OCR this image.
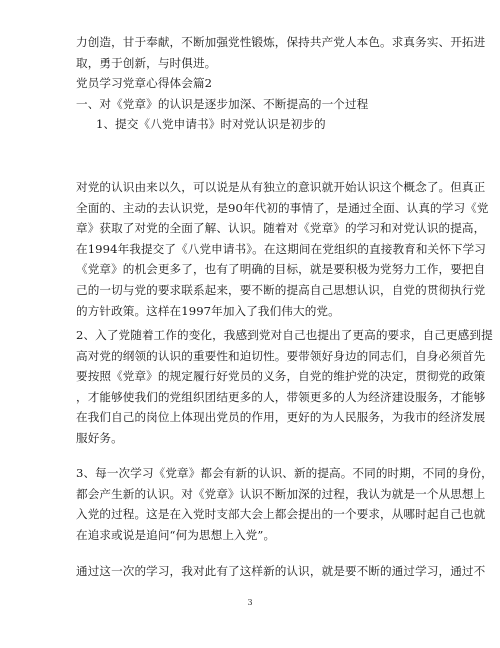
力创造，甘于奉献，不断加强党性锻炼，保持共产党人本色。求真务实、开拓进
取，勇于创新，与时俱进。
党员学习党章心得体会篇2
一、对《党章》的认识是逐步加深、不断提高的一个过程
1、提交《八党申请书》时对党认识是初步的
对党的认识由来以久，可以说是从有独立的意识就开始认识这个概念了。但真正
全面的、主动的去认识党，是90年代初的事情了，是通过全面、认真的学习《党
章》获取了对党的全面了解、认识。随着对《党章》的学习和对党认识的提高，
在1994年我提交了《八党申请书》。在这期间在党组织的直接教育和关怀下学习
《党章》的机会更多了，也有了明确的目标，就是要积极为党努力工作，要把自
己的一切与党的要求联系起来，要不断的提高自己思想认识，自党的贯彻执行党
的方针政策。这样在1997年加入了我们伟大的党。
2、入了党随着工作的变化，我感到党对自己也提出了更高的要求，自己更感到提
高对党的纲领的认识的重要性和迫切性。要带领好身边的同志们，自身必须首先
要按照《党章》的规定履行好党员的义务，自党的维护党的决定，贯彻党的政策
，才能够使我们的党组织团结更多的人，带领更多的人为经济建设服务，才能够
在我们自己的岗位上体现出党员的作用，更好的为人民服务，为我市的经济发展
服好务。
3、每一次学习《党章》都会有新的认识、新的提高。不同的时期，不同的身份，
都会产生新的认识。对《党章》认识不断加深的过程，我认为就是一个从思想上
入党的过程。这是在入党时支部大会上都会提出的一个要求，从哪时起自己也就
在追求或说是追问“何为思想上入党”。
通过这一次的学习，我对此有了这样新的认识，就是要不断的通过学习，通过不
3
